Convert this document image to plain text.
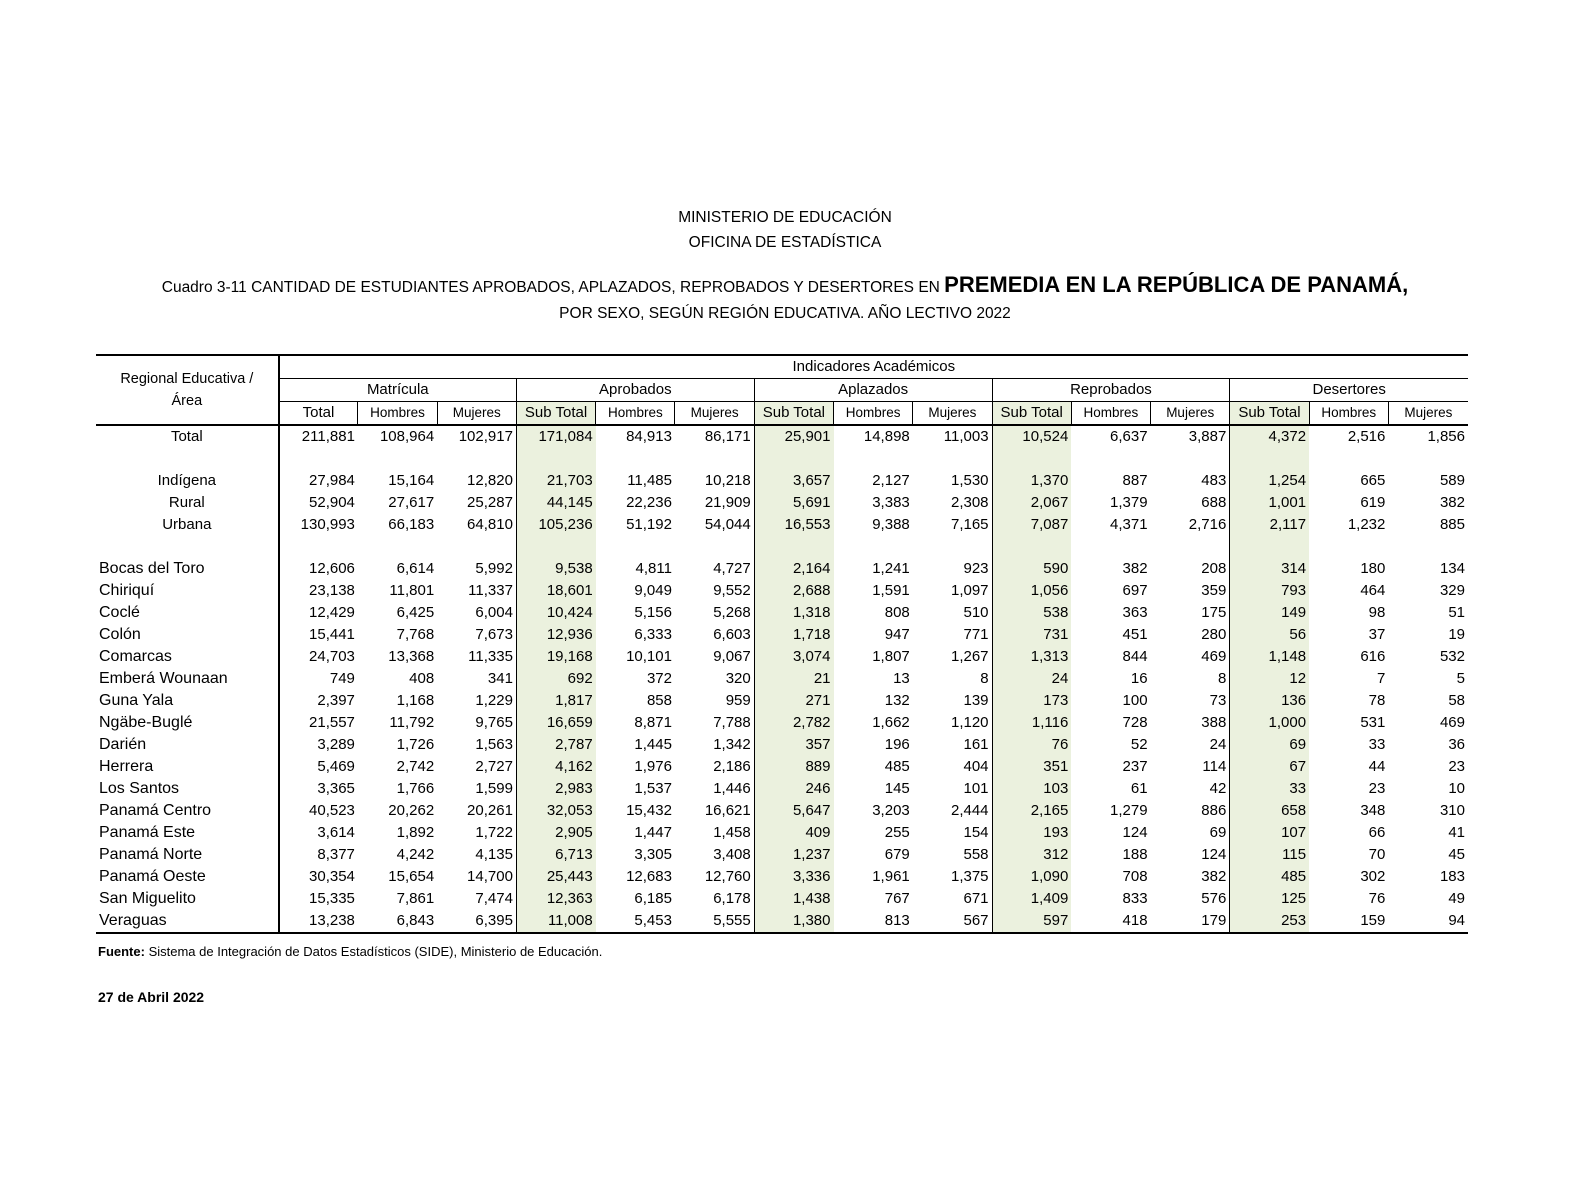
MINISTERIO DE EDUCACIÓN
OFICINA DE ESTADÍSTICA
Cuadro 3-11 CANTIDAD DE ESTUDIANTES APROBADOS, APLAZADOS, REPROBADOS Y DESERTORES EN PREMEDIA EN LA REPÚBLICA DE PANAMÁ,
POR SEXO, SEGÚN REGIÓN EDUCATIVA. AÑO LECTIVO 2022
Regional Educativa /
Área	Indicadores Académicos														
	Matrícula			Aprobados			Aplazados			Reprobados			Desertores		
	Total	Hombres	Mujeres	Sub Total	Hombres	Mujeres	Sub Total	Hombres	Mujeres	Sub Total	Hombres	Mujeres	Sub Total	Hombres	Mujeres
Total	211,881	108,964	102,917	171,084	84,913	86,171	25,901	14,898	11,003	10,524	6,637	3,887	4,372	2,516	1,856

Indígena	27,984	15,164	12,820	21,703	11,485	10,218	3,657	2,127	1,530	1,370	887	483	1,254	665	589
Rural	52,904	27,617	25,287	44,145	22,236	21,909	5,691	3,383	2,308	2,067	1,379	688	1,001	619	382
Urbana	130,993	66,183	64,810	105,236	51,192	54,044	16,553	9,388	7,165	7,087	4,371	2,716	2,117	1,232	885

Bocas del Toro	12,606	6,614	5,992	9,538	4,811	4,727	2,164	1,241	923	590	382	208	314	180	134
Chiriquí	23,138	11,801	11,337	18,601	9,049	9,552	2,688	1,591	1,097	1,056	697	359	793	464	329
Coclé	12,429	6,425	6,004	10,424	5,156	5,268	1,318	808	510	538	363	175	149	98	51
Colón	15,441	7,768	7,673	12,936	6,333	6,603	1,718	947	771	731	451	280	56	37	19
Comarcas	24,703	13,368	11,335	19,168	10,101	9,067	3,074	1,807	1,267	1,313	844	469	1,148	616	532
Emberá Wounaan	749	408	341	692	372	320	21	13	8	24	16	8	12	7	5
Guna Yala	2,397	1,168	1,229	1,817	858	959	271	132	139	173	100	73	136	78	58
Ngäbe-Buglé	21,557	11,792	9,765	16,659	8,871	7,788	2,782	1,662	1,120	1,116	728	388	1,000	531	469
Darién	3,289	1,726	1,563	2,787	1,445	1,342	357	196	161	76	52	24	69	33	36
Herrera	5,469	2,742	2,727	4,162	1,976	2,186	889	485	404	351	237	114	67	44	23
Los Santos	3,365	1,766	1,599	2,983	1,537	1,446	246	145	101	103	61	42	33	23	10
Panamá Centro	40,523	20,262	20,261	32,053	15,432	16,621	5,647	3,203	2,444	2,165	1,279	886	658	348	310
Panamá Este	3,614	1,892	1,722	2,905	1,447	1,458	409	255	154	193	124	69	107	66	41
Panamá Norte	8,377	4,242	4,135	6,713	3,305	3,408	1,237	679	558	312	188	124	115	70	45
Panamá Oeste	30,354	15,654	14,700	25,443	12,683	12,760	3,336	1,961	1,375	1,090	708	382	485	302	183
San Miguelito	15,335	7,861	7,474	12,363	6,185	6,178	1,438	767	671	1,409	833	576	125	76	49
Veraguas	13,238	6,843	6,395	11,008	5,453	5,555	1,380	813	567	597	418	179	253	159	94
Fuente: Sistema de Integración de Datos Estadísticos (SIDE), Ministerio de Educación.
27 de Abril 2022
